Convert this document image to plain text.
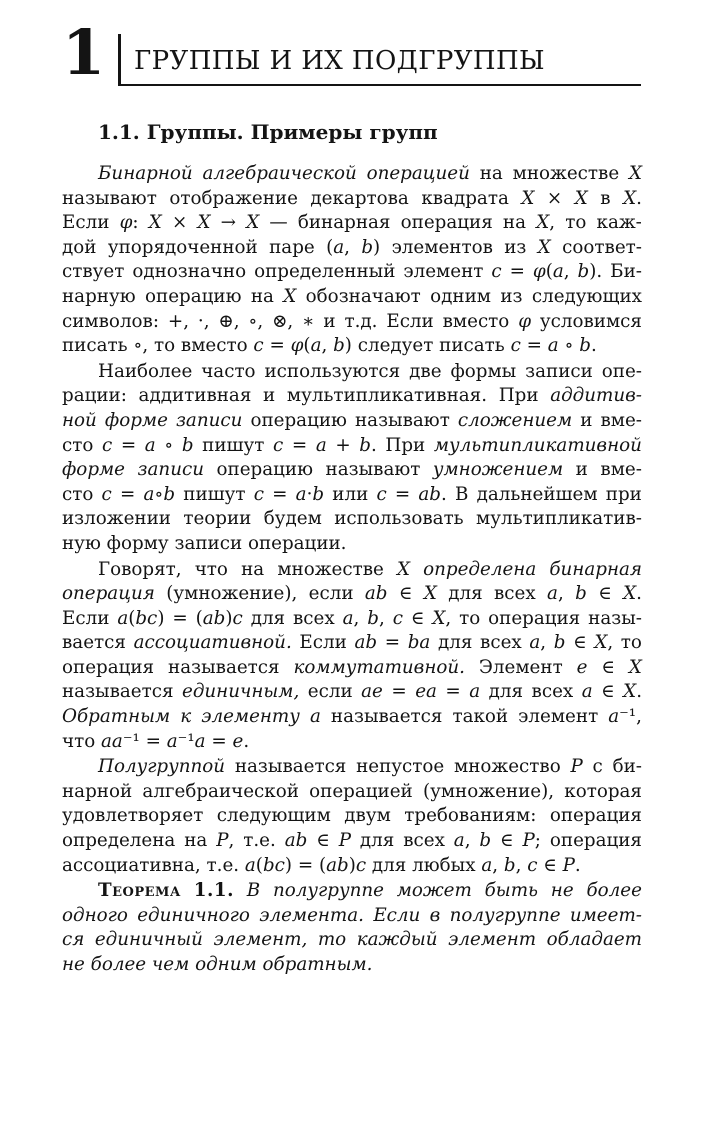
1 ГРУППЫ И ИХ ПОДГРУППЫ
1.1. Группы. Примеры групп
Бинарной алгебраической операцией на множестве X
называют отображение декартова квадрата X × X в X.
Если φ: X × X → X — бинарная операция на X, то каж-
дой упорядоченной паре (a, b) элементов из X соответ-
ствует однозначно определенный элемент c = φ(a, b). Би-
нарную операцию на X обозначают одним из следующих
символов: +, ·, ⊕, ∘, ⊗, ∗ и т.д. Если вместо φ условимся
писать ∘, то вместо c = φ ( a , b ) следует писать c = a ∘ b .
Наиболее часто используются две формы записи опе-
рации: аддитивная и мультипликативная. При аддитив-
ной форме записи операцию называют сложением и вме-
сто c = a ∘ b пишут c = a + b. При мультипликативной
форме записи операцию называют умножением и вме-
сто c = a∘b пишут c = a·b или c = ab. В дальнейшем при
изложении теории будем использовать мультипликатив-
ную форму записи операции.
Говорят, что на множестве X определена бинарная
операция (умножение), если ab ∈ X для всех a, b ∈ X.
Если a(bc) = (ab)c для всех a, b, c ∈ X, то операция назы-
вается ассоциативной. Если ab = ba для всех a, b ∈ X, то
операция называется коммутативной. Элемент e ∈ X
называется единичным, если ae = ea = a для всех a ∈ X.
Обратным к элементу a называется такой элемент a⁻¹,
что aa ⁻¹ = a ⁻¹ a = e .
Полугруппой называется непустое множество P с би-
нарной алгебраической операцией (умножение), которая
удовлетворяет следующим двум требованиям: операция
определена на P, т.е. ab ∈ P для всех a, b ∈ P; операция
ассоциативна, т.е. a ( bc ) = ( ab ) c для любых a , b , c ∈ P .
Теорема 1.1. В полугруппе может быть не более
одного единичного элемента. Если в полугруппе имеет-
ся единичный элемент, то каждый элемент обладает
не более чем одним обратным.
